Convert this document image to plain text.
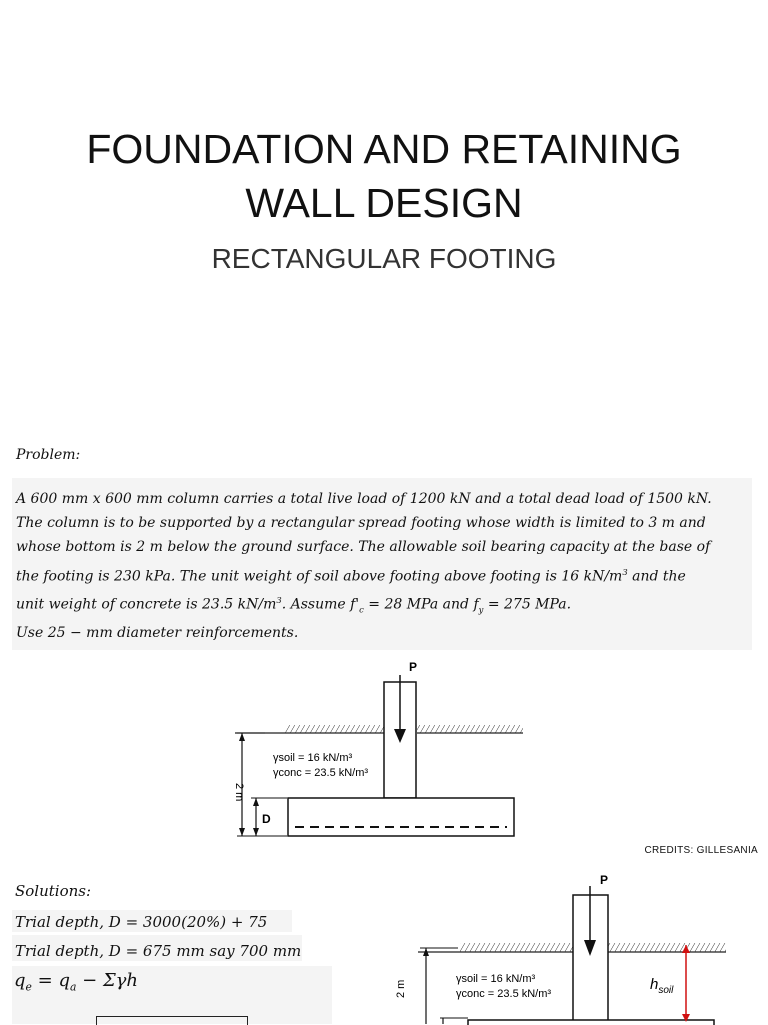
FOUNDATION AND RETAINING
WALL DESIGN
RECTANGULAR FOOTING
Problem:
A 600 mm x 600 mm column carries a total live load of 1200 kN and a total dead load of 1500 kN.
The column is to be supported by a rectangular spread footing whose width is limited to 3 m and
whose bottom is 2 m below the ground surface. The allowable soil bearing capacity at the base of
the footing is 230 kPa. The unit weight of soil above footing above footing is 16 $kN/m^3$ and the
unit weight of concrete is 23.5 $kN/m^3$. Assume $f'_c = 28$ MPa and $f_y = 275$ MPa.
Use 25 − mm diameter reinforcements.
P
2 m
D
γsoil = 16 kN/m³
γconc = 23.5 kN/m³
CREDITS: GILLESANIA
Solutions:
Trial depth, D = 3000(20%) + 75
Trial depth, D = 675 mm say 700 mm
$q_e = q_a - \Sigma\gamma h$
P
2 m
γsoil = 16 kN/m³
γconc = 23.5 kN/m³
$h_{soil}$
